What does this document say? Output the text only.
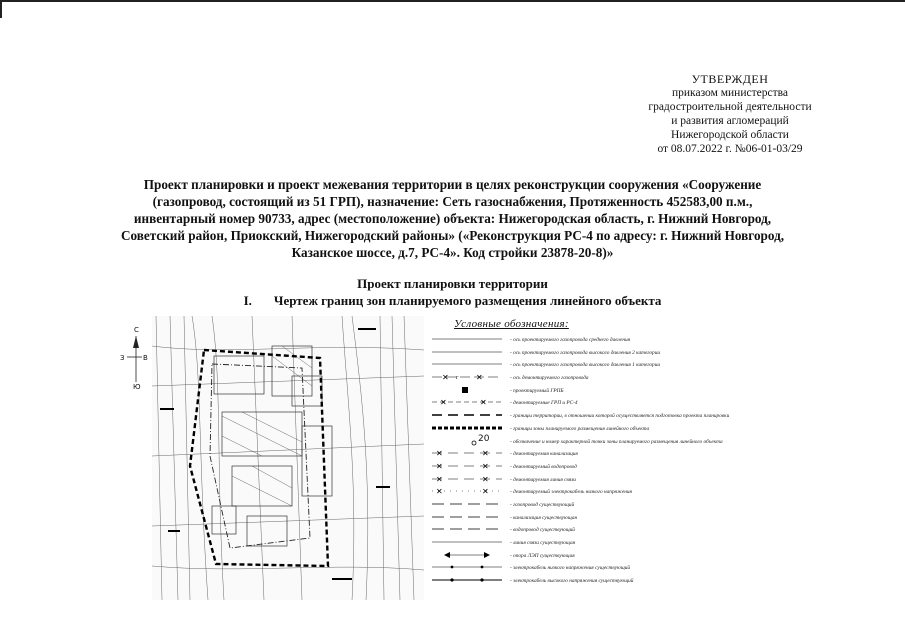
УТВЕРЖДЕН
приказом министерства
градостроительной деятельности
и развития агломераций
Нижегородской области
от 08.07.2022 г. №06-01-03/29
Проект планировки и проект межевания территории в целях реконструкции сооружения «Сооружение
(газопровод, состоящий из 51 ГРП), назначение: Сеть газоснабжения, Протяженность 452583,00 п.м.,
инвентарный номер 90733, адрес (местоположение) объекта: Нижегородская область, г. Нижний Новгород,
Советский район, Приокский, Нижегородский районы» («Реконструкция РС-4 по адресу: г. Нижний Новгород,
Казанское шоссе, д.7, РС-4». Код стройки 23878-20-8)»
Проект планировки территории
I. Чертеж границ зон планируемого размещения линейного объекта
С
З	В
Ю
Условные обозначения:
- ось проектируемого газопровода среднего давления
- ось проектируемого газопровода высокого давления 2 категории
- ось проектируемого газопровода высокого давления 1 категории
✕	✕
г	- ось демонтируемого газопровода
- проектируемый ГРПБ
✕	✕	- демонтируемые ГРП и РС-4
- границы территории, в отношении которой осуществляется подготовка проекта планировки
- границы зоны планируемого размещения линейного объекта
20	- обозначение и номер характерной точки зоны планируемого размещения линейного объекта
✕	✕	- демонтируемая канализация
✕	✕	- демонтируемый водопровод
✕	✕	- демонтируемая линия связи
✕	✕	- демонтируемый электрокабель низкого напряжения
- газопровод существующий
- канализация существующая
- водопровод существующий
- линия связи существующая
- опора ЛЭП существующая
- электрокабель низкого напряжения существующий
- электрокабель высокого напряжения существующий
